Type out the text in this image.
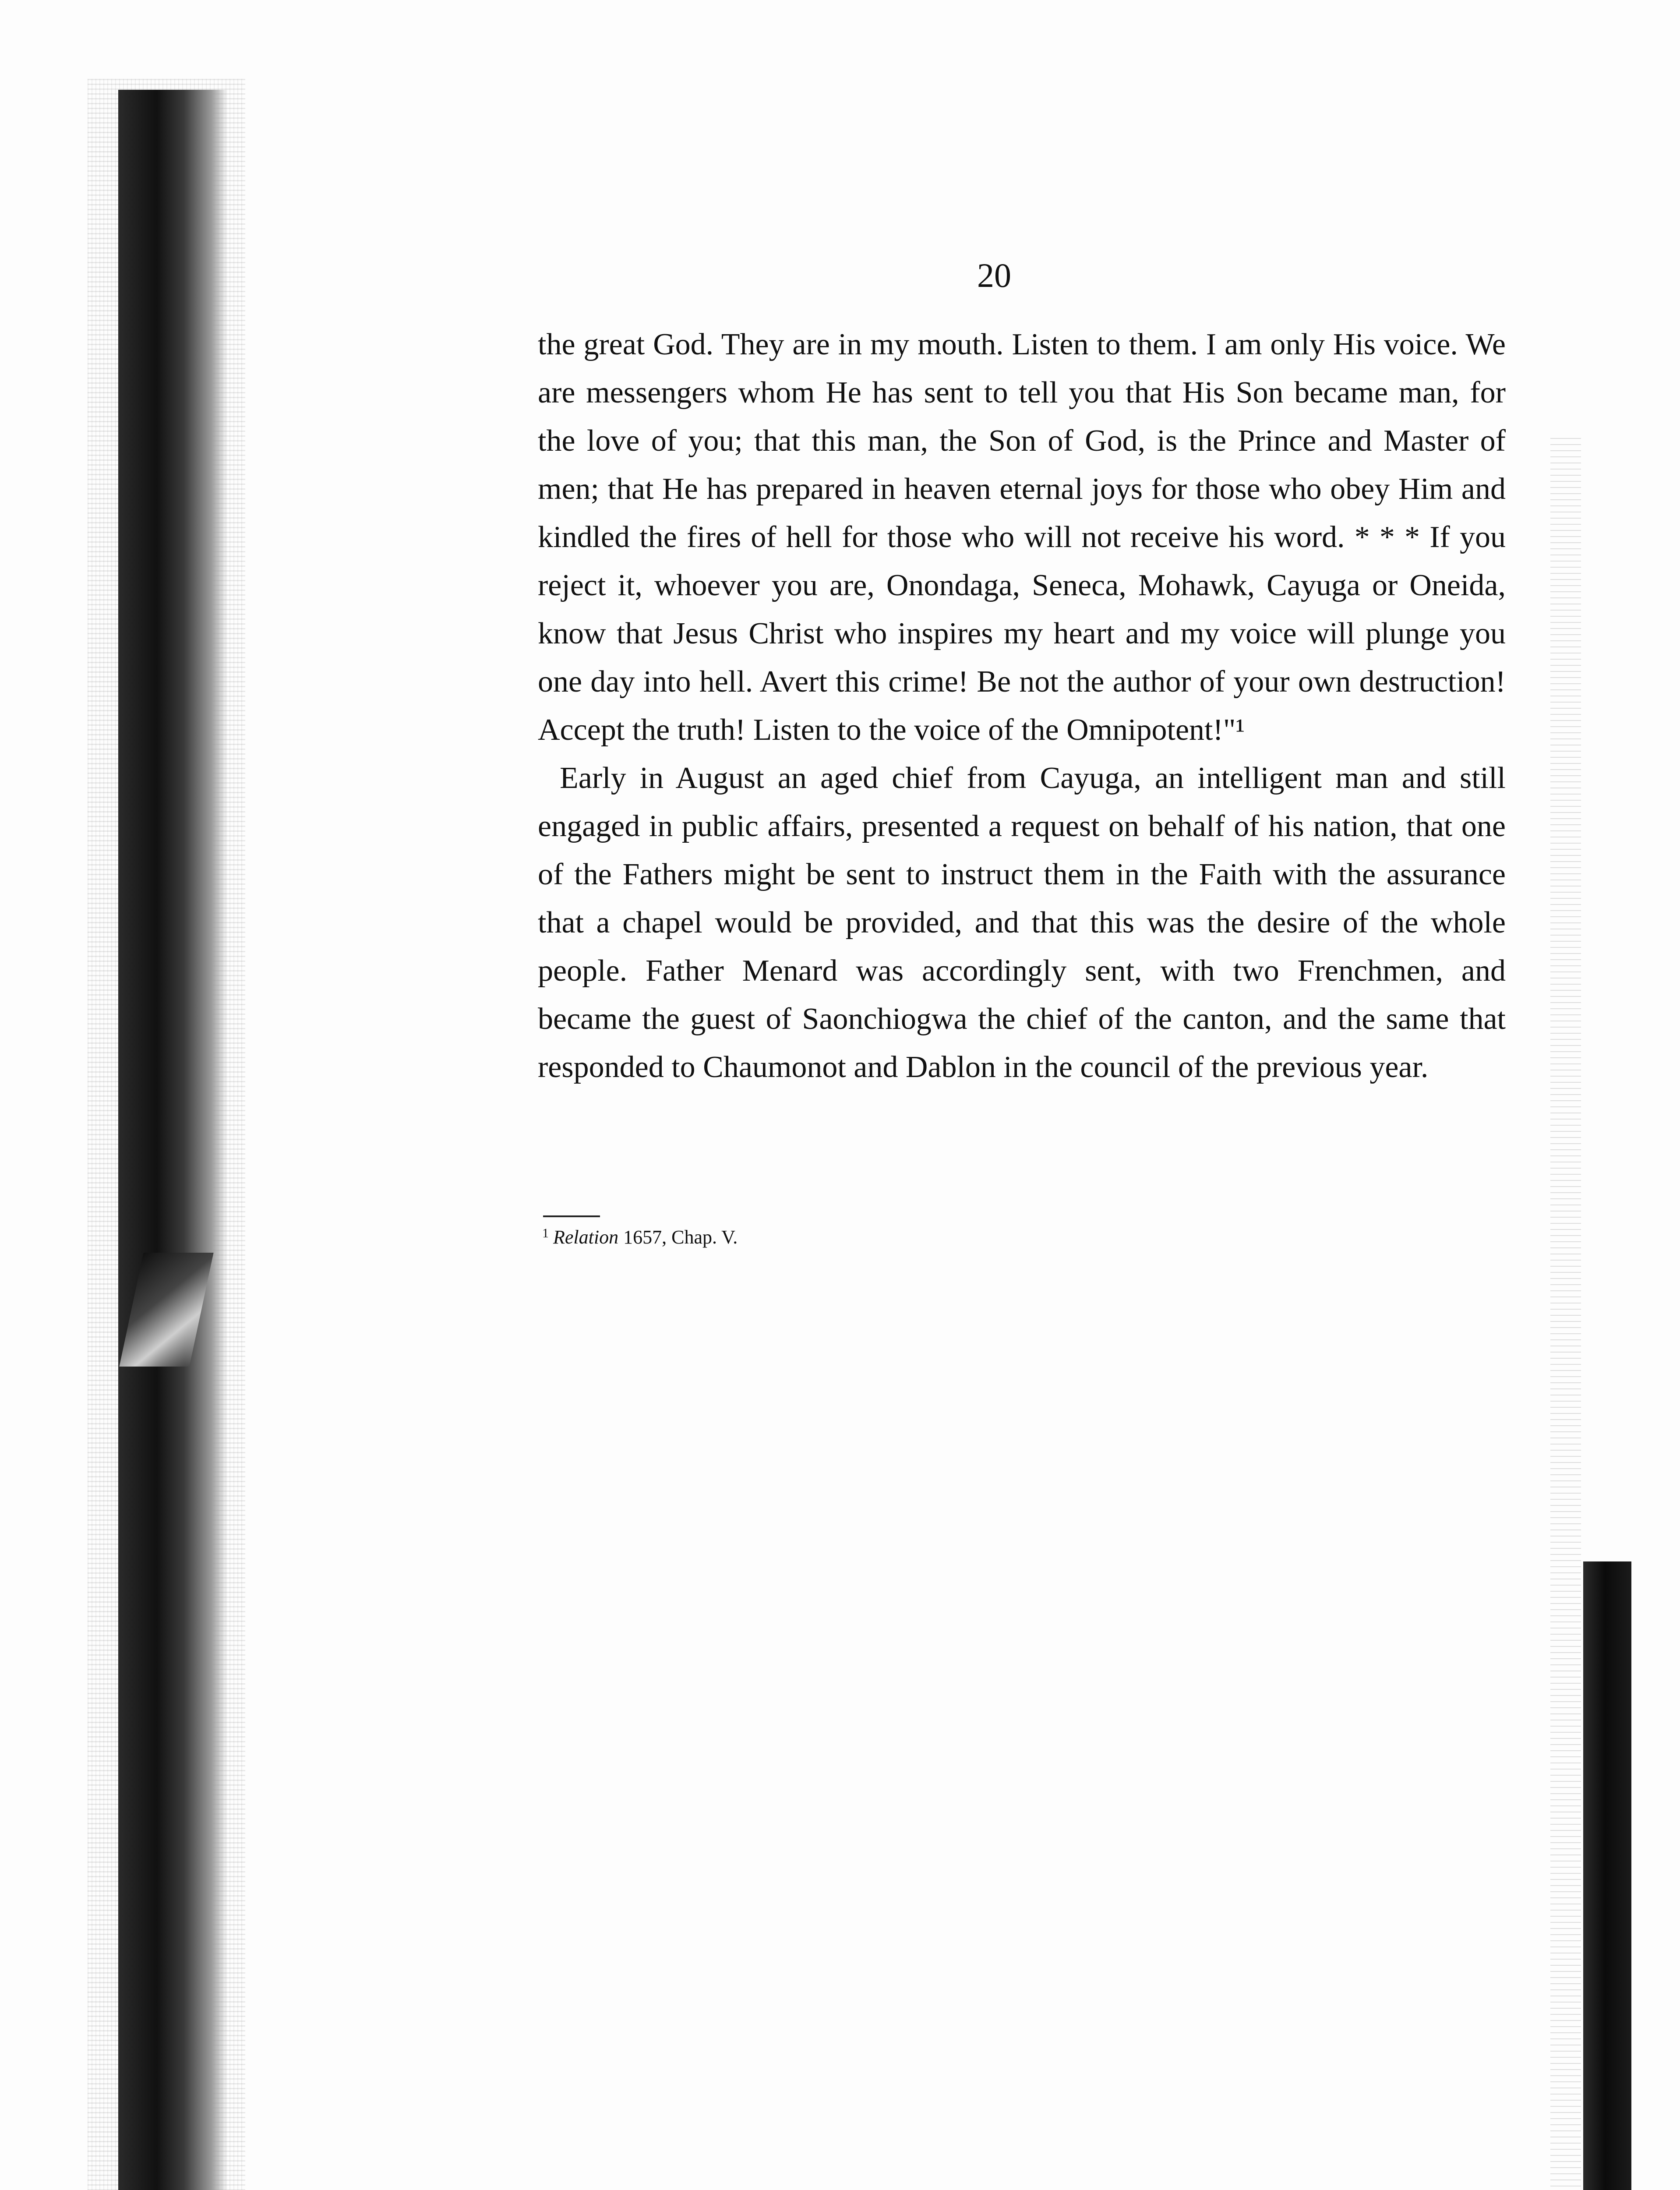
20

the great God. They are in my mouth. Listen to them. I am only His voice. We are messengers whom He has sent to tell you that His Son became man, for the love of you; that this man, the Son of God, is the Prince and Master of men; that He has prepared in heaven eternal joys for those who obey Him and kindled the fires of hell for those who will not receive his word. * * * If you reject it, whoever you are, Onondaga, Seneca, Mohawk, Cayuga or Oneida, know that Jesus Christ who inspires my heart and my voice will plunge you one day into hell. Avert this crime! Be not the author of your own destruction! Accept the truth! Listen to the voice of the Omnipotent!"¹

Early in August an aged chief from Cayuga, an intelligent man and still engaged in public affairs, presented a request on behalf of his nation, that one of the Fathers might be sent to instruct them in the Faith with the assurance that a chapel would be provided, and that this was the desire of the whole people. Father Menard was accordingly sent, with two Frenchmen, and became the guest of Saonchiogwa the chief of the canton, and the same that responded to Chaumonot and Dablon in the council of the previous year.

$^1$ Relation 1657, Chap. V.
